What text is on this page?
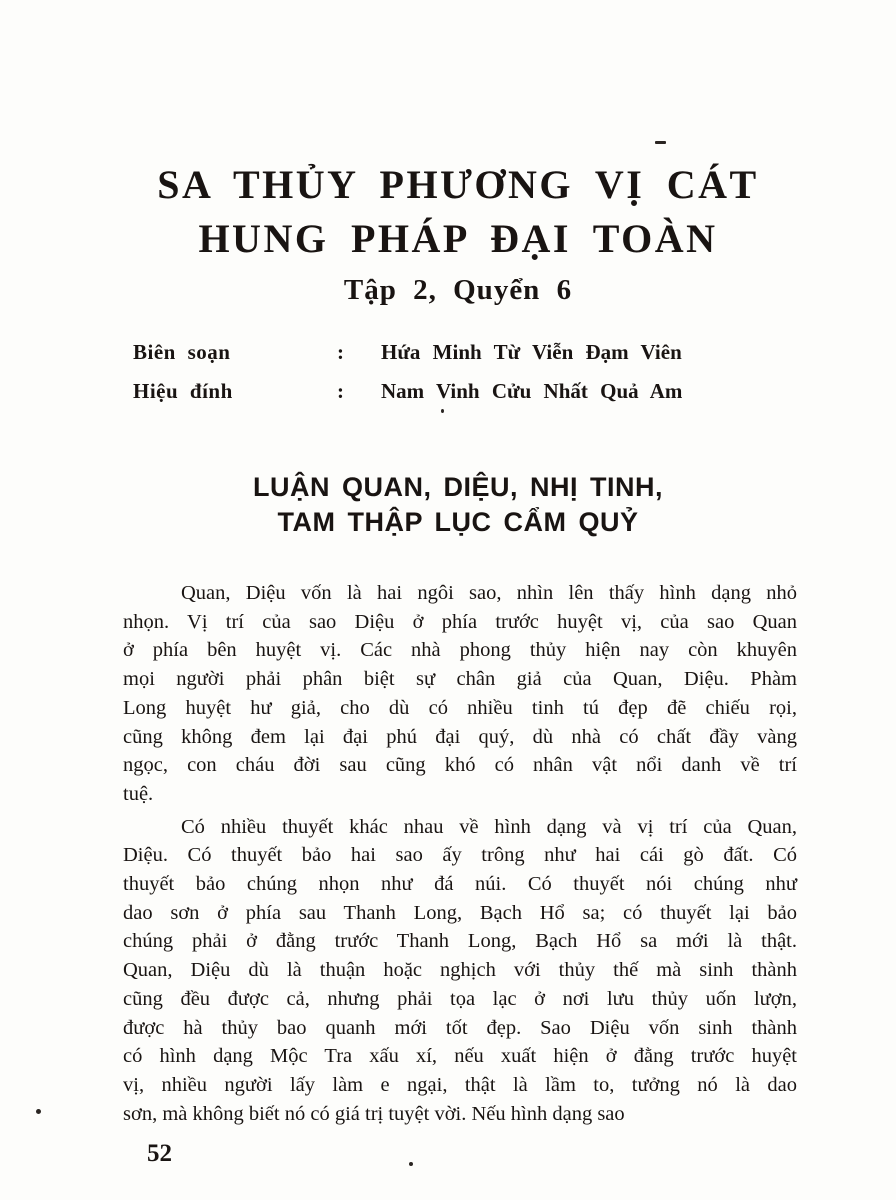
SA THỦY PHƯƠNG VỊ CÁT
HUNG PHÁP ĐẠI TOÀN
Tập 2, Quyển 6
Biên soạn	:	Hứa Minh Từ Viễn Đạm Viên
Hiệu đính	:	Nam Vinh Cửu Nhất Quả Am
LUẬN QUAN, DIỆU, NHỊ TINH,
TAM THẬP LỤC CẨM QUỶ
Quan, Diệu vốn là hai ngôi sao, nhìn lên thấy hình dạng nhỏ
nhọn. Vị trí của sao Diệu ở phía trước huyệt vị, của sao Quan
ở phía bên huyệt vị. Các nhà phong thủy hiện nay còn khuyên
mọi người phải phân biệt sự chân giả của Quan, Diệu. Phàm
Long huyệt hư giả, cho dù có nhiều tinh tú đẹp đẽ chiếu rọi,
cũng không đem lại đại phú đại quý, dù nhà có chất đầy vàng
ngọc, con cháu đời sau cũng khó có nhân vật nổi danh về trí
tuệ.
Có nhiều thuyết khác nhau về hình dạng và vị trí của Quan,
Diệu. Có thuyết bảo hai sao ấy trông như hai cái gò đất. Có
thuyết bảo chúng nhọn như đá núi. Có thuyết nói chúng như
dao sơn ở phía sau Thanh Long, Bạch Hổ sa; có thuyết lại bảo
chúng phải ở đằng trước Thanh Long, Bạch Hổ sa mới là thật.
Quan, Diệu dù là thuận hoặc nghịch với thủy thế mà sinh thành
cũng đều được cả, nhưng phải tọa lạc ở nơi lưu thủy uốn lượn,
được hà thủy bao quanh mới tốt đẹp. Sao Diệu vốn sinh thành
có hình dạng Mộc Tra xấu xí, nếu xuất hiện ở đằng trước huyệt
vị, nhiều người lấy làm e ngại, thật là lầm to, tưởng nó là dao
sơn, mà không biết nó có giá trị tuyệt vời. Nếu hình dạng sao
52
